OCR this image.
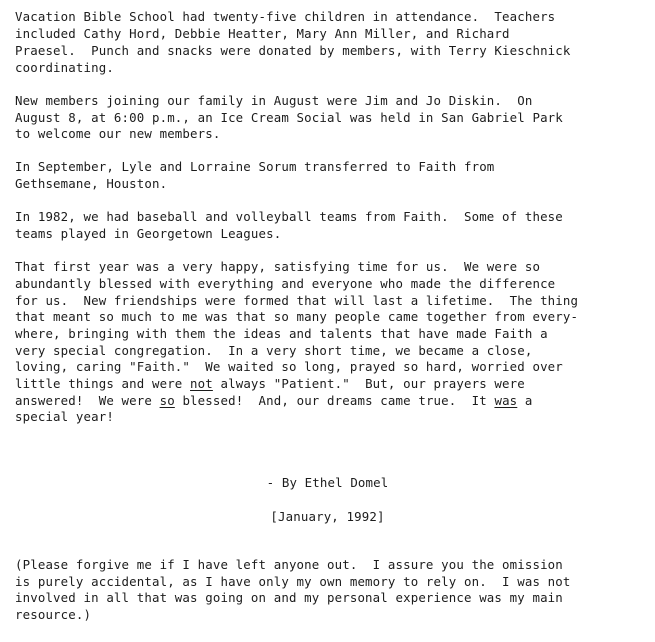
Vacation Bible School had twenty-five children in attendance.  Teachers
included Cathy Hord, Debbie Heatter, Mary Ann Miller, and Richard
Praesel.  Punch and snacks were donated by members, with Terry Kieschnick
coordinating.
New members joining our family in August were Jim and Jo Diskin.  On
August 8, at 6:00 p.m., an Ice Cream Social was held in San Gabriel Park
to welcome our new members.
In September, Lyle and Lorraine Sorum transferred to Faith from
Gethsemane, Houston.
In 1982, we had baseball and volleyball teams from Faith.  Some of these
teams played in Georgetown Leagues.
That first year was a very happy, satisfying time for us.  We were so
abundantly blessed with everything and everyone who made the difference
for us.  New friendships were formed that will last a lifetime.  The thing
that meant so much to me was that so many people came together from every-
where, bringing with them the ideas and talents that have made Faith a
very special congregation.  In a very short time, we became a close,
loving, caring "Faith."  We waited so long, prayed so hard, worried over
little things and were not always "Patient."  But, our prayers were
answered!  We were so blessed!  And, our dreams came true.  It was a
special year!
- By Ethel Domel
[January, 1992]
(Please forgive me if I have left anyone out.  I assure you the omission
is purely accidental, as I have only my own memory to rely on.  I was not
involved in all that was going on and my personal experience was my main
resource.)
